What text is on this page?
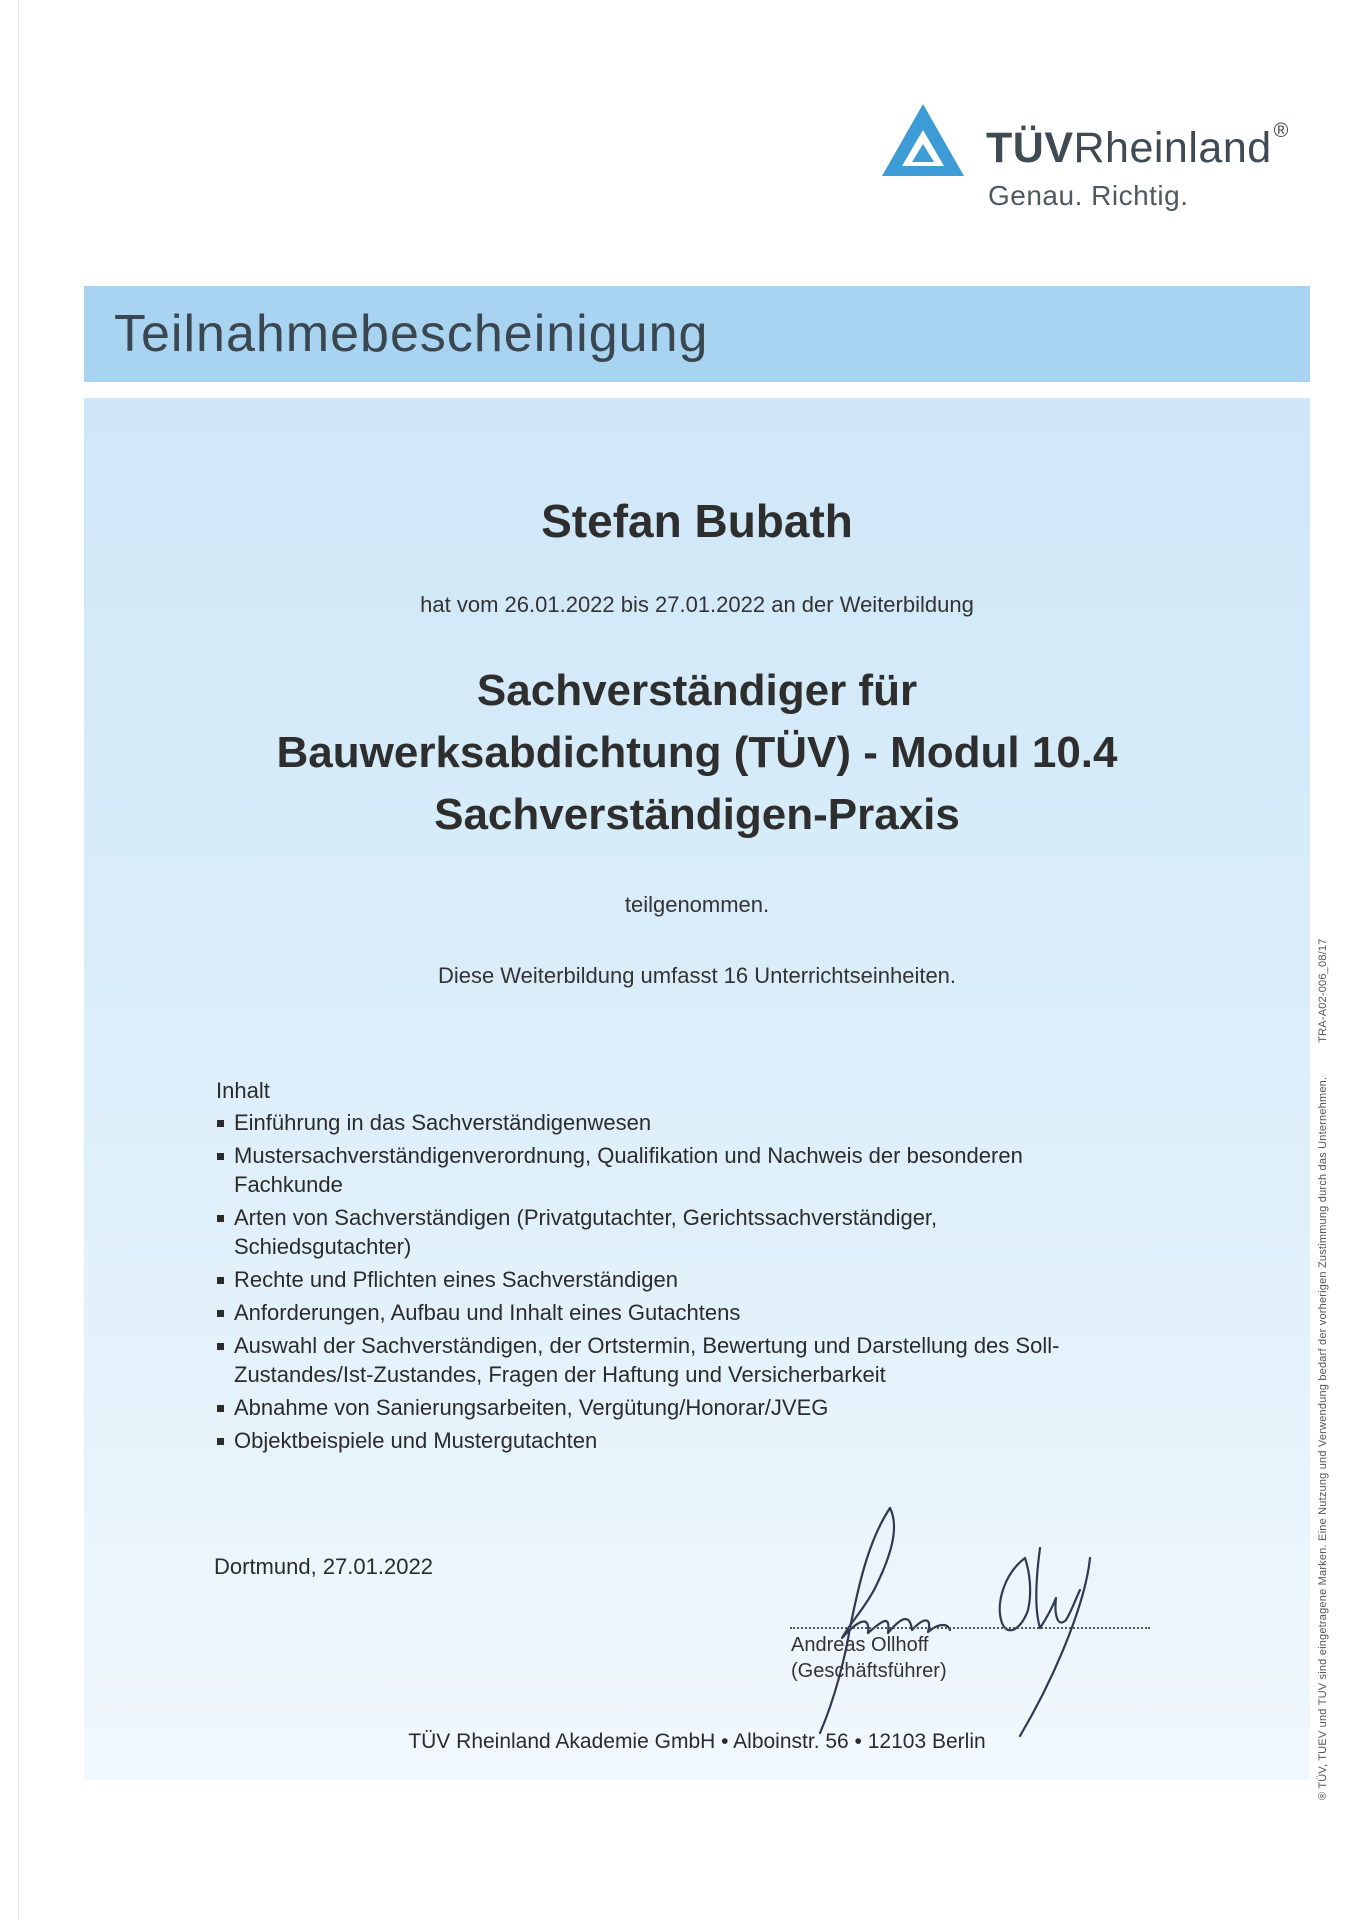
TÜVRheinland ®
Genau. Richtig.
Teilnahmebescheinigung
Stefan Bubath
hat vom 26.01.2022 bis 27.01.2022 an der Weiterbildung
Sachverständiger für
Bauwerksabdichtung (TÜV) - Modul 10.4
Sachverständigen-Praxis
teilgenommen.
Diese Weiterbildung umfasst 16 Unterrichtseinheiten.
Inhalt
Einführung in das Sachverständigenwesen
Mustersachverständigenverordnung, Qualifikation und Nachweis der besonderen
Fachkunde
Arten von Sachverständigen (Privatgutachter, Gerichtssachverständiger,
Schiedsgutachter)
Rechte und Pflichten eines Sachverständigen
Anforderungen, Aufbau und Inhalt eines Gutachtens
Auswahl der Sachverständigen, der Ortstermin, Bewertung und Darstellung des Soll-
Zustandes/Ist-Zustandes, Fragen der Haftung und Versicherbarkeit
Abnahme von Sanierungsarbeiten, Vergütung/Honorar/JVEG
Objektbeispiele und Mustergutachten
Dortmund, 27.01.2022
Andreas Ollhoff
(Geschäftsführer)
TÜV Rheinland Akademie GmbH • Alboinstr. 56 • 12103 Berlin	® TÜV, TUEV und TUV sind eingetragene Marken. Eine Nutzung und Verwendung bedarf der vorherigen Zustimmung durch das Unternehmen.TRA-A02-006_08/17
